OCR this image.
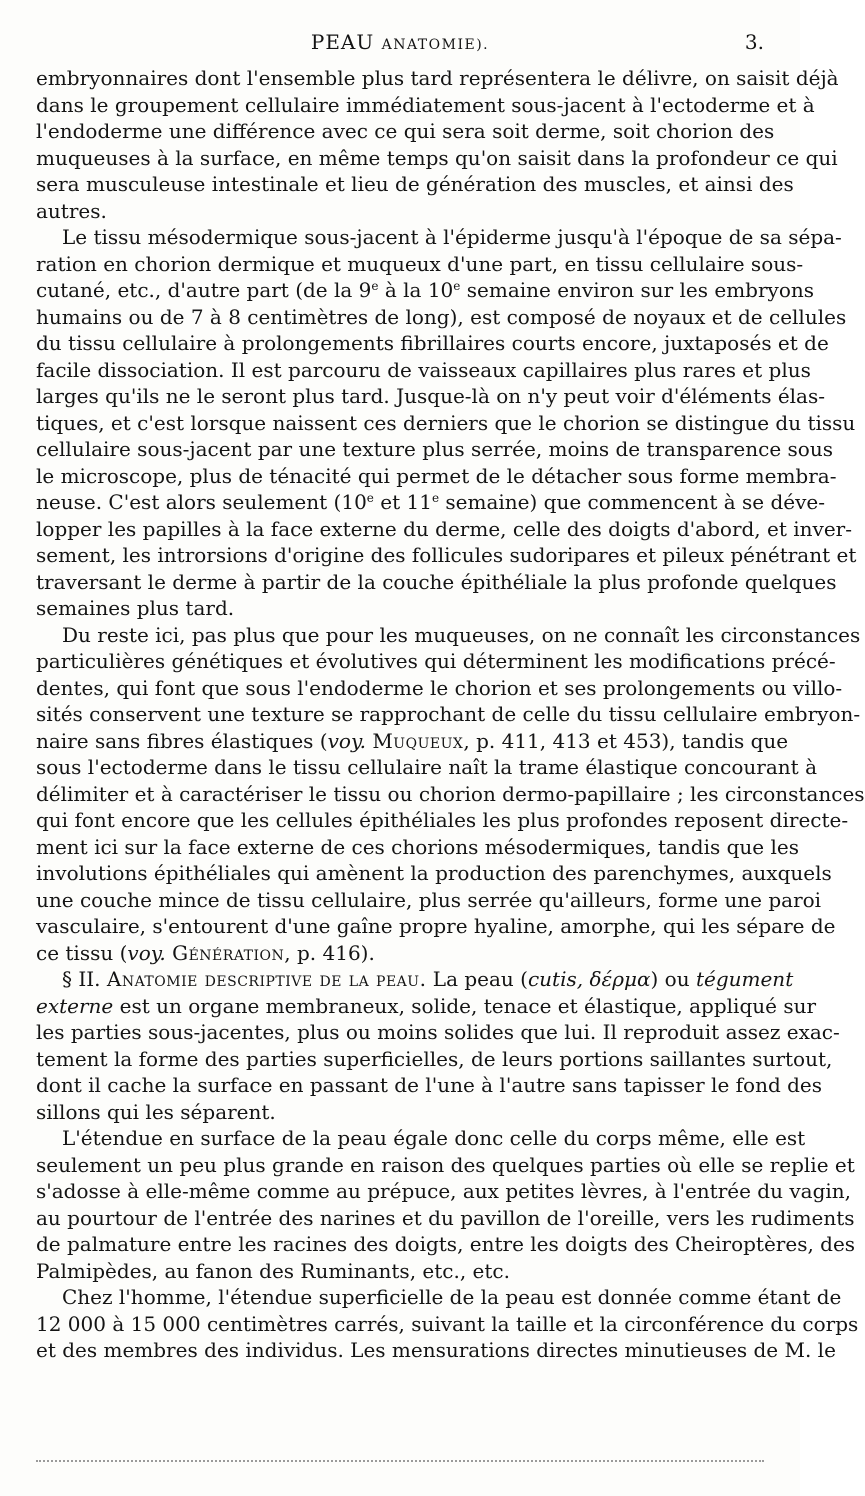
PEAU ANATOMIE).	3.
embryonnaires dont l'ensemble plus tard représentera le délivre, on saisit déjà
dans le groupement cellulaire immédiatement sous-jacent à l'ectoderme et à
l'endoderme une différence avec ce qui sera soit derme, soit chorion des
muqueuses à la surface, en même temps qu'on saisit dans la profondeur ce qui
sera musculeuse intestinale et lieu de génération des muscles, et ainsi des
autres.
Le tissu mésodermique sous-jacent à l'épiderme jusqu'à l'époque de sa sépa-
ration en chorion dermique et muqueux d'une part, en tissu cellulaire sous-
cutané, etc., d'autre part (de la 9e à la 10e semaine environ sur les embryons
humains ou de 7 à 8 centimètres de long), est composé de noyaux et de cellules
du tissu cellulaire à prolongements fibrillaires courts encore, juxtaposés et de
facile dissociation. Il est parcouru de vaisseaux capillaires plus rares et plus
larges qu'ils ne le seront plus tard. Jusque-là on n'y peut voir d'éléments élas-
tiques, et c'est lorsque naissent ces derniers que le chorion se distingue du tissu
cellulaire sous-jacent par une texture plus serrée, moins de transparence sous
le microscope, plus de ténacité qui permet de le détacher sous forme membra-
neuse. C'est alors seulement (10e et 11e semaine) que commencent à se déve-
lopper les papilles à la face externe du derme, celle des doigts d'abord, et inver-
sement, les introrsions d'origine des follicules sudoripares et pileux pénétrant et
traversant le derme à partir de la couche épithéliale la plus profonde quelques
semaines plus tard.
Du reste ici, pas plus que pour les muqueuses, on ne connaît les circonstances
particulières génétiques et évolutives qui déterminent les modifications précé-
dentes, qui font que sous l'endoderme le chorion et ses prolongements ou villo-
sités conservent une texture se rapprochant de celle du tissu cellulaire embryon-
naire sans fibres élastiques (voy. Muqueux, p. 411, 413 et 453), tandis que
sous l'ectoderme dans le tissu cellulaire naît la trame élastique concourant à
délimiter et à caractériser le tissu ou chorion dermo-papillaire ; les circonstances
qui font encore que les cellules épithéliales les plus profondes reposent directe-
ment ici sur la face externe de ces chorions mésodermiques, tandis que les
involutions épithéliales qui amènent la production des parenchymes, auxquels
une couche mince de tissu cellulaire, plus serrée qu'ailleurs, forme une paroi
vasculaire, s'entourent d'une gaîne propre hyaline, amorphe, qui les sépare de
ce tissu (voy. Génération, p. 416).
§ II. Anatomie descriptive de la peau. La peau (cutis, δέρμα) ou tégument
externe est un organe membraneux, solide, tenace et élastique, appliqué sur
les parties sous-jacentes, plus ou moins solides que lui. Il reproduit assez exac-
tement la forme des parties superficielles, de leurs portions saillantes surtout,
dont il cache la surface en passant de l'une à l'autre sans tapisser le fond des
sillons qui les séparent.
L'étendue en surface de la peau égale donc celle du corps même, elle est
seulement un peu plus grande en raison des quelques parties où elle se replie et
s'adosse à elle-même comme au prépuce, aux petites lèvres, à l'entrée du vagin,
au pourtour de l'entrée des narines et du pavillon de l'oreille, vers les rudiments
de palmature entre les racines des doigts, entre les doigts des Cheiroptères, des
Palmipèdes, au fanon des Ruminants, etc., etc.
Chez l'homme, l'étendue superficielle de la peau est donnée comme étant de
12 000 à 15 000 centimètres carrés, suivant la taille et la circonférence du corps
et des membres des individus. Les mensurations directes minutieuses de M. le
